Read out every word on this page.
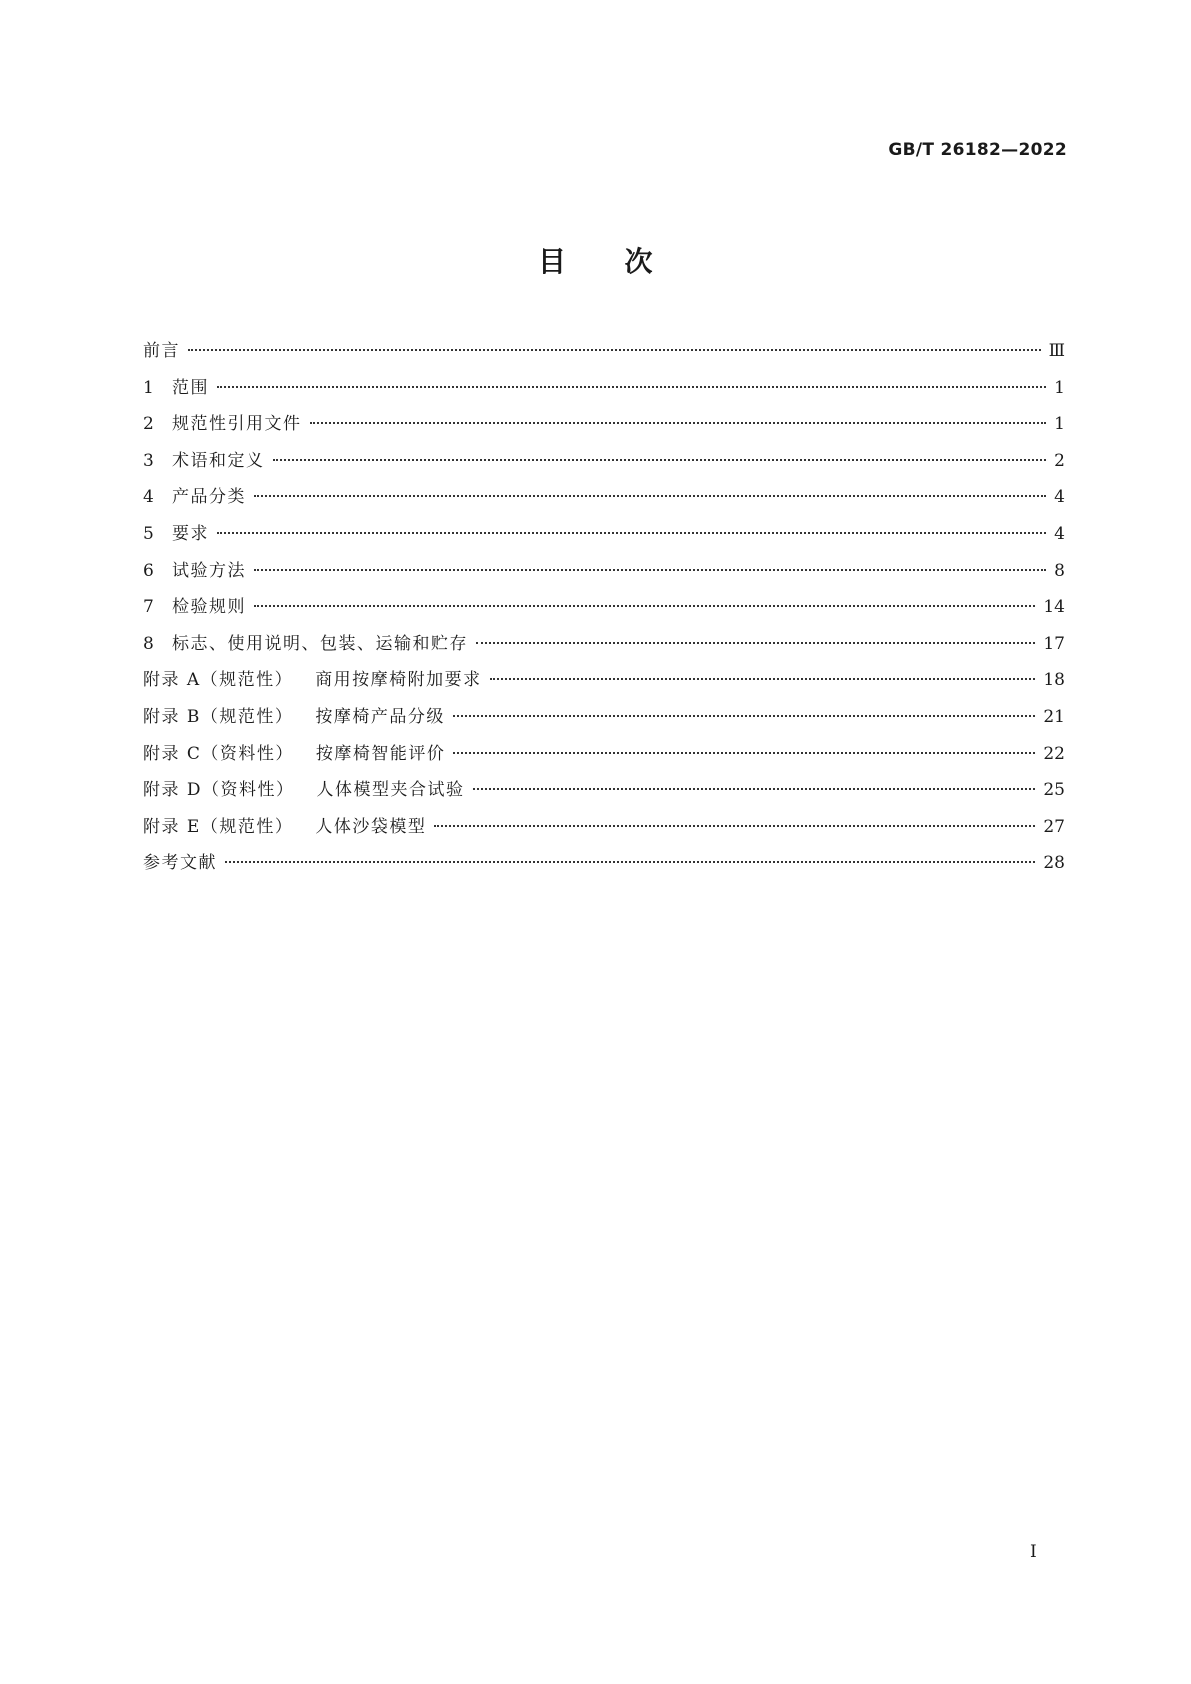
GB/T 26182—2022
目 次
前言	Ⅲ
1 范围	1
2 规范性引用文件	1
3 术语和定义	2
4 产品分类	4
5 要求	4
6 试验方法	8
7 检验规则	14
8 标志、使用说明、包装、运输和贮存	17
附录 A（规范性） 商用按摩椅附加要求	18
附录 B（规范性） 按摩椅产品分级	21
附录 C（资料性） 按摩椅智能评价	22
附录 D（资料性） 人体模型夹合试验	25
附录 E（规范性） 人体沙袋模型	27
参考文献	28
I
